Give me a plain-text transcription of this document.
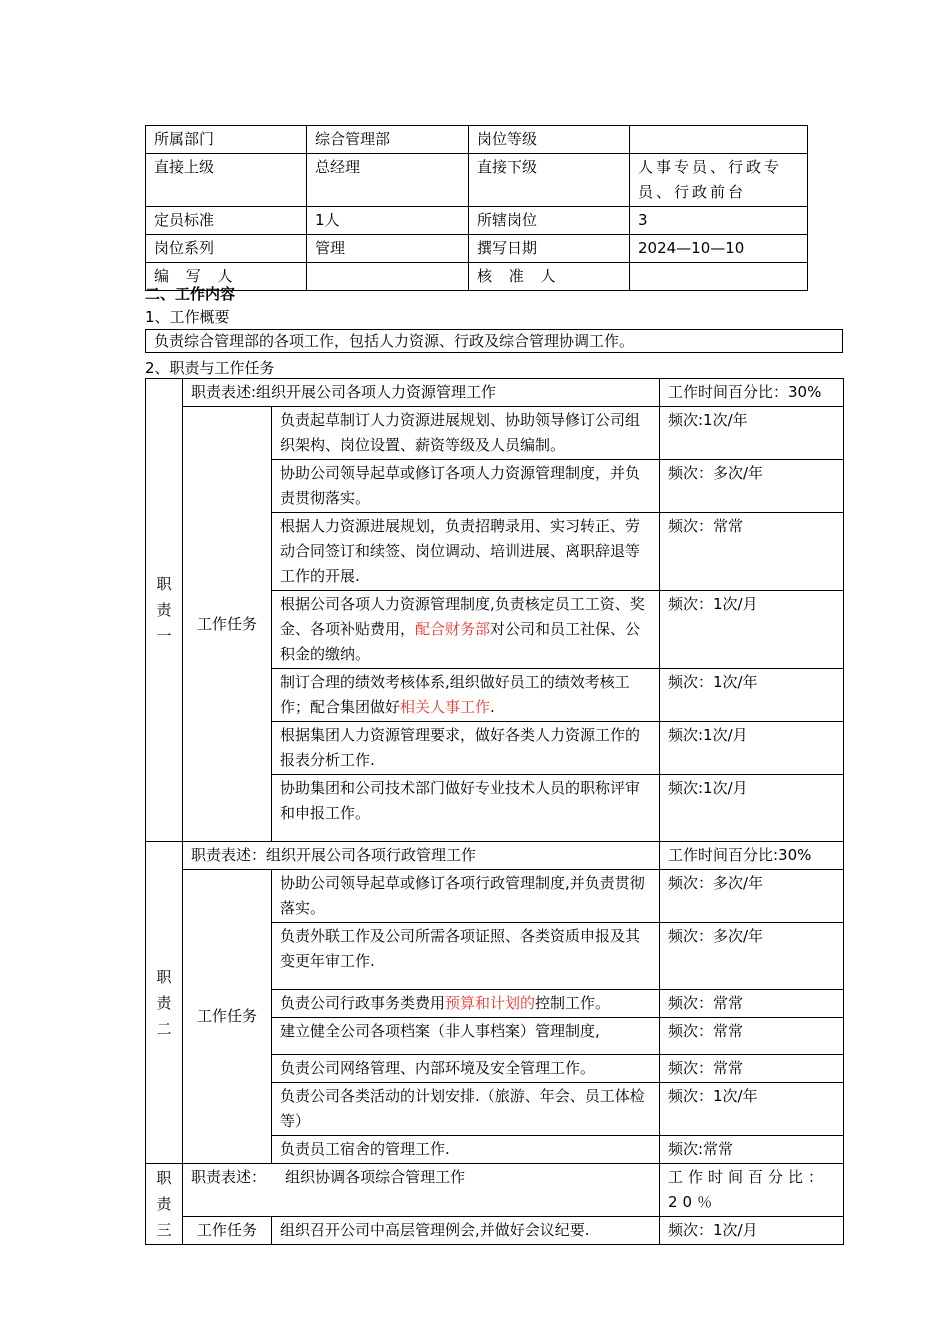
所属部门	综合管理部	岗位等级	
直接上级	总经理	直接下级	人事专员、行政专员、行政前台
定员标准	1人	所辖岗位	3
岗位系列	管理	撰写日期	2024—10—10
编 写 人		核 准 人	
二、工作内容
1、工作概要
负责综合管理部的各项工作，包括人力资源、行政及综合管理协调工作。
2、职责与工作任务
职
责
一	职责表述:组织开展公司各项人力资源管理工作		工作时间百分比：30%
	工作任务	负责起草制订人力资源进展规划、协助领导修订公司组织架构、岗位设置、薪资等级及人员编制。	频次:1次/年
		协助公司领导起草或修订各项人力资源管理制度，并负责贯彻落实。	频次：多次/年
		根据人力资源进展规划，负责招聘录用、实习转正、劳动合同签订和续签、岗位调动、培训进展、离职辞退等工作的开展.	频次：常常
		根据公司各项人力资源管理制度,负责核定员工工资、奖金、各项补贴费用，配合财务部对公司和员工社保、公积金的缴纳。	频次：1次/月
		制订合理的绩效考核体系,组织做好员工的绩效考核工作；配合集团做好相关人事工作.	频次：1次/年
		根据集团人力资源管理要求，做好各类人力资源工作的报表分析工作.	频次:1次/月
		协助集团和公司技术部门做好专业技术人员的职称评审和申报工作。	频次:1次/月

职
责
二	职责表述：组织开展公司各项行政管理工作		工作时间百分比:30%
	工作任务	协助公司领导起草或修订各项行政管理制度,并负责贯彻落实。	频次：多次/年
		负责外联工作及公司所需各项证照、各类资质申报及其变更年审工作.	频次：多次/年
		负责公司行政事务类费用预算和计划的控制工作。	频次：常常
		建立健全公司各项档案（非人事档案）管理制度,	频次：常常
		负责公司网络管理、内部环境及安全管理工作。	频次：常常
		负责公司各类活动的计划安排.（旅游、年会、员工体检等）	频次：1次/年
		负责员工宿舍的管理工作.	频次:常常

职
责
三	职责表述：    组织协调各项综合管理工作		工作时间百分比：20％
	工作任务	组织召开公司中高层管理例会,并做好会议纪要.	频次：1次/月
